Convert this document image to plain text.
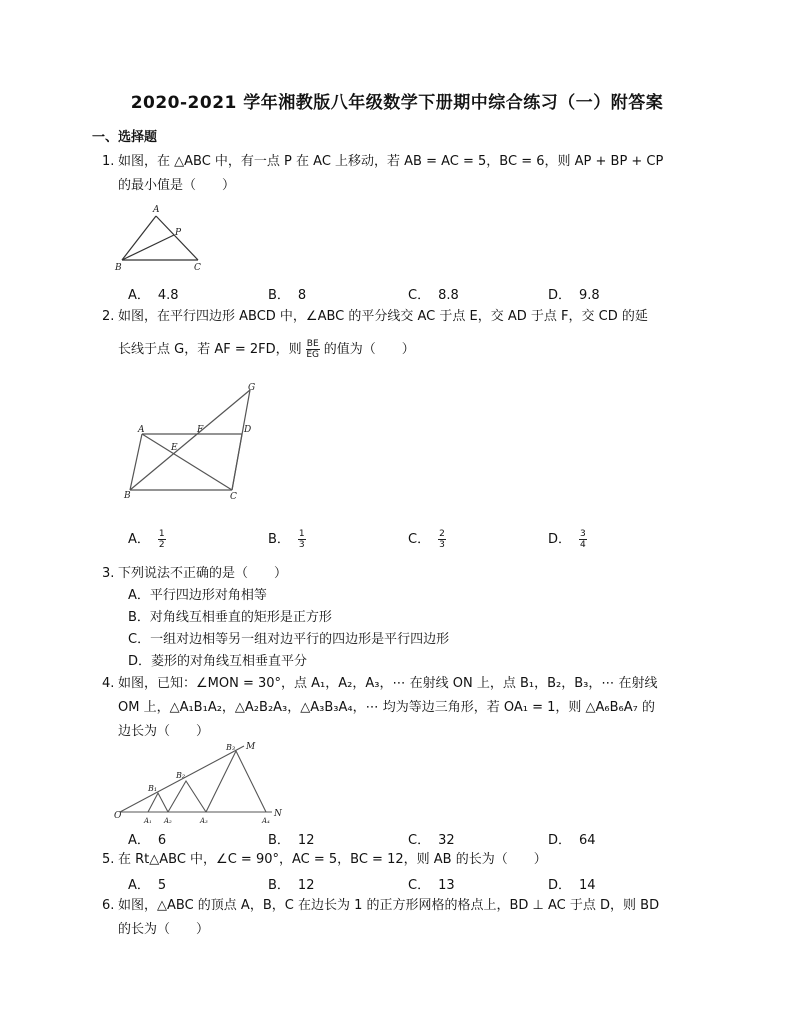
2020-2021 学年湘教版八年级数学下册期中综合练习（一）附答案
一、选择题
1. 如图，在 △ABC 中，有一点 P 在 AC 上移动，若 AB = AC = 5，BC = 6，则 AP + BP + CP
的最小值是（　　）
A
B	C
P
A． 4.8	B． 8	C． 8.8	D． 9.8
2. 如图，在平行四边形 ABCD 中，∠ABC 的平分线交 AC 于点 E，交 AD 于点 F，交 CD 的延
长线于点 G，若 AF = 2FD，则 $\frac{BE}{EG}$ 的值为（　　）
A
B	C
D
E
F
G
A． $\frac{1}{2}$	B． $\frac{1}{3}$	C． $\frac{2}{3}$	D． $\frac{3}{4}$
3. 下列说法不正确的是（　　）
A．平行四边形对角相等
B．对角线互相垂直的矩形是正方形
C．一组对边相等另一组对边平行的四边形是平行四边形
D．菱形的对角线互相垂直平分
4. 如图，已知：∠MON = 30°，点 A₁，A₂，A₃，⋯ 在射线 ON 上，点 B₁，B₂，B₃，⋯ 在射线
OM 上，△A₁B₁A₂，△A₂B₂A₃，△A₃B₃A₄，⋯ 均为等边三角形，若 OA₁ = 1，则 △A₆B₆A₇ 的
边长为（　　）
O
M
N
A₁ A₂	A₃	A₄
B₁
B₂
B₃
A． 6	B． 12	C． 32	D． 64
5. 在 Rt△ABC 中，∠C = 90°，AC = 5，BC = 12，则 AB 的长为（　　）
A． 5	B． 12	C． 13	D． 14
6. 如图，△ABC 的顶点 A，B，C 在边长为 1 的正方形网格的格点上，BD ⊥ AC 于点 D，则 BD
的长为（　　）
